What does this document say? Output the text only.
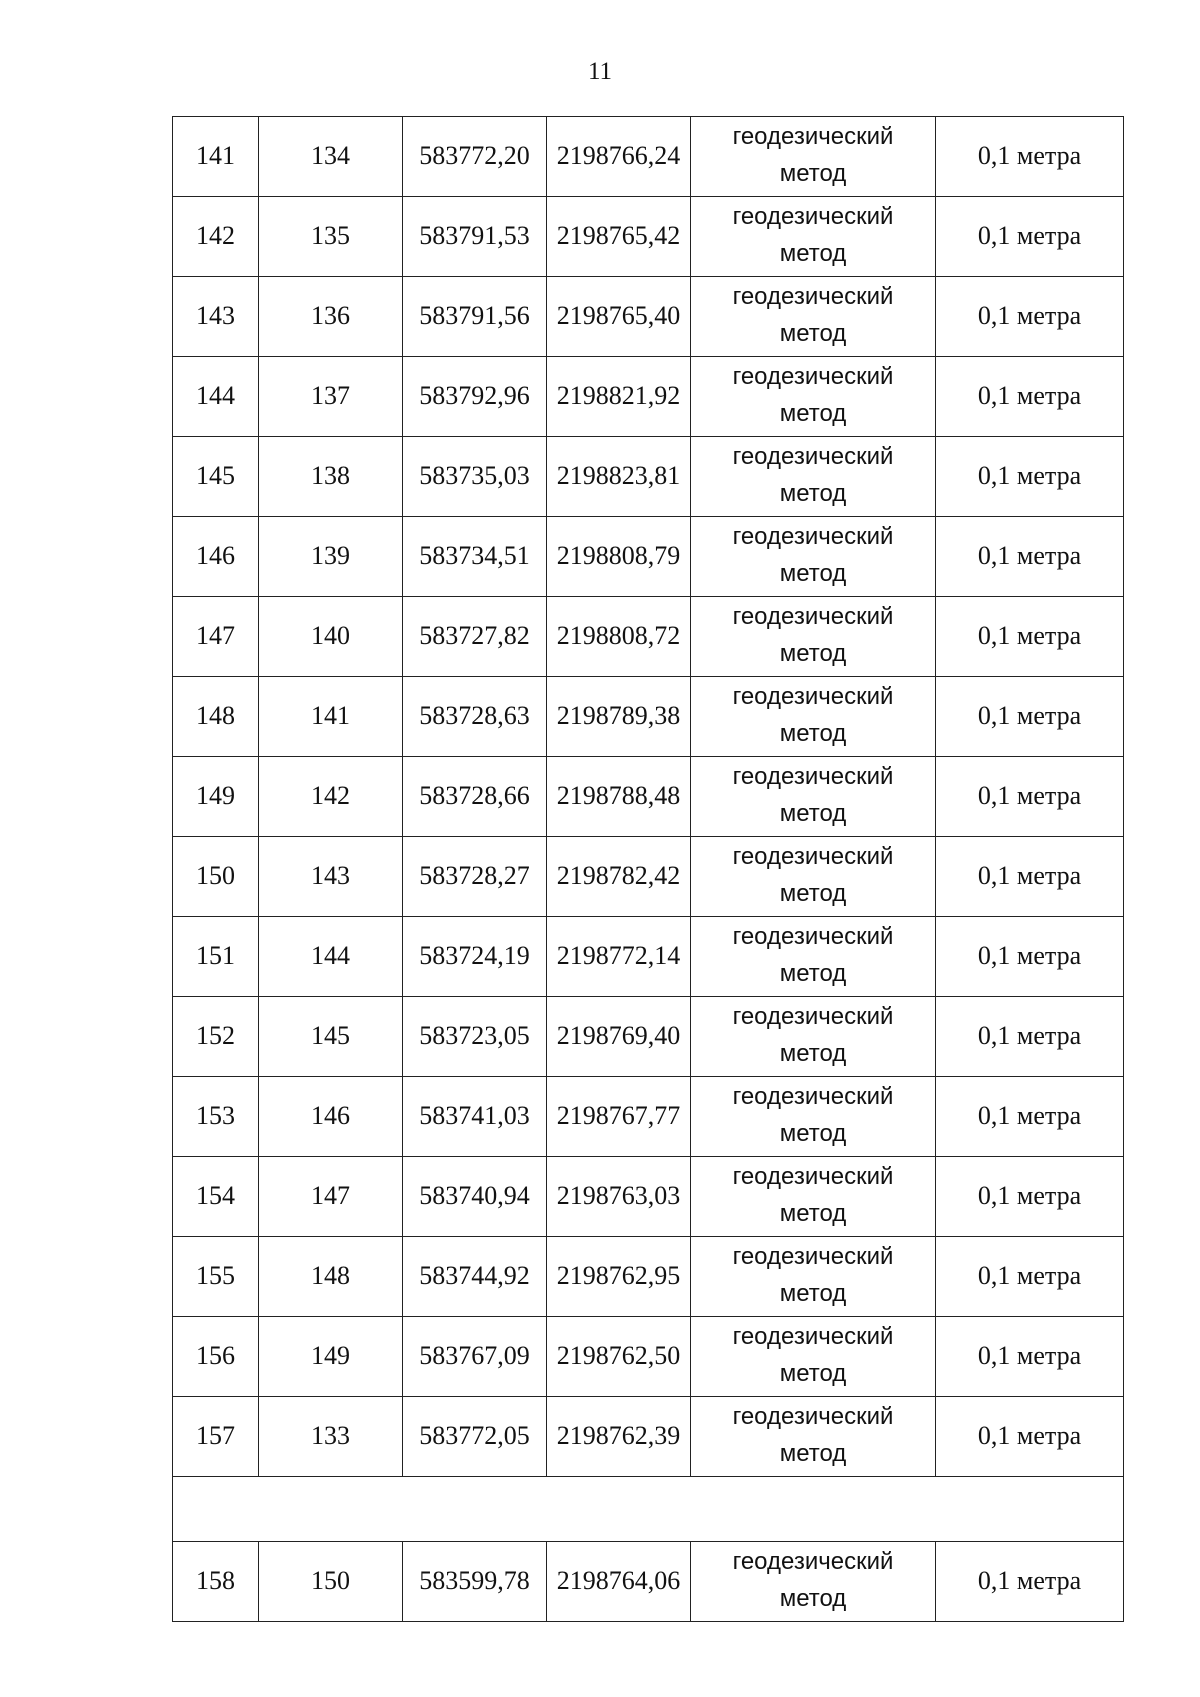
11
141	134	583772,20	2198766,24	геодезический
метод	0,1 метра
142	135	583791,53	2198765,42	геодезический
метод	0,1 метра
143	136	583791,56	2198765,40	геодезический
метод	0,1 метра
144	137	583792,96	2198821,92	геодезический
метод	0,1 метра
145	138	583735,03	2198823,81	геодезический
метод	0,1 метра
146	139	583734,51	2198808,79	геодезический
метод	0,1 метра
147	140	583727,82	2198808,72	геодезический
метод	0,1 метра
148	141	583728,63	2198789,38	геодезический
метод	0,1 метра
149	142	583728,66	2198788,48	геодезический
метод	0,1 метра
150	143	583728,27	2198782,42	геодезический
метод	0,1 метра
151	144	583724,19	2198772,14	геодезический
метод	0,1 метра
152	145	583723,05	2198769,40	геодезический
метод	0,1 метра
153	146	583741,03	2198767,77	геодезический
метод	0,1 метра
154	147	583740,94	2198763,03	геодезический
метод	0,1 метра
155	148	583744,92	2198762,95	геодезический
метод	0,1 метра
156	149	583767,09	2198762,50	геодезический
метод	0,1 метра
157	133	583772,05	2198762,39	геодезический
метод	0,1 метра

158	150	583599,78	2198764,06	геодезический
метод	0,1 метра
